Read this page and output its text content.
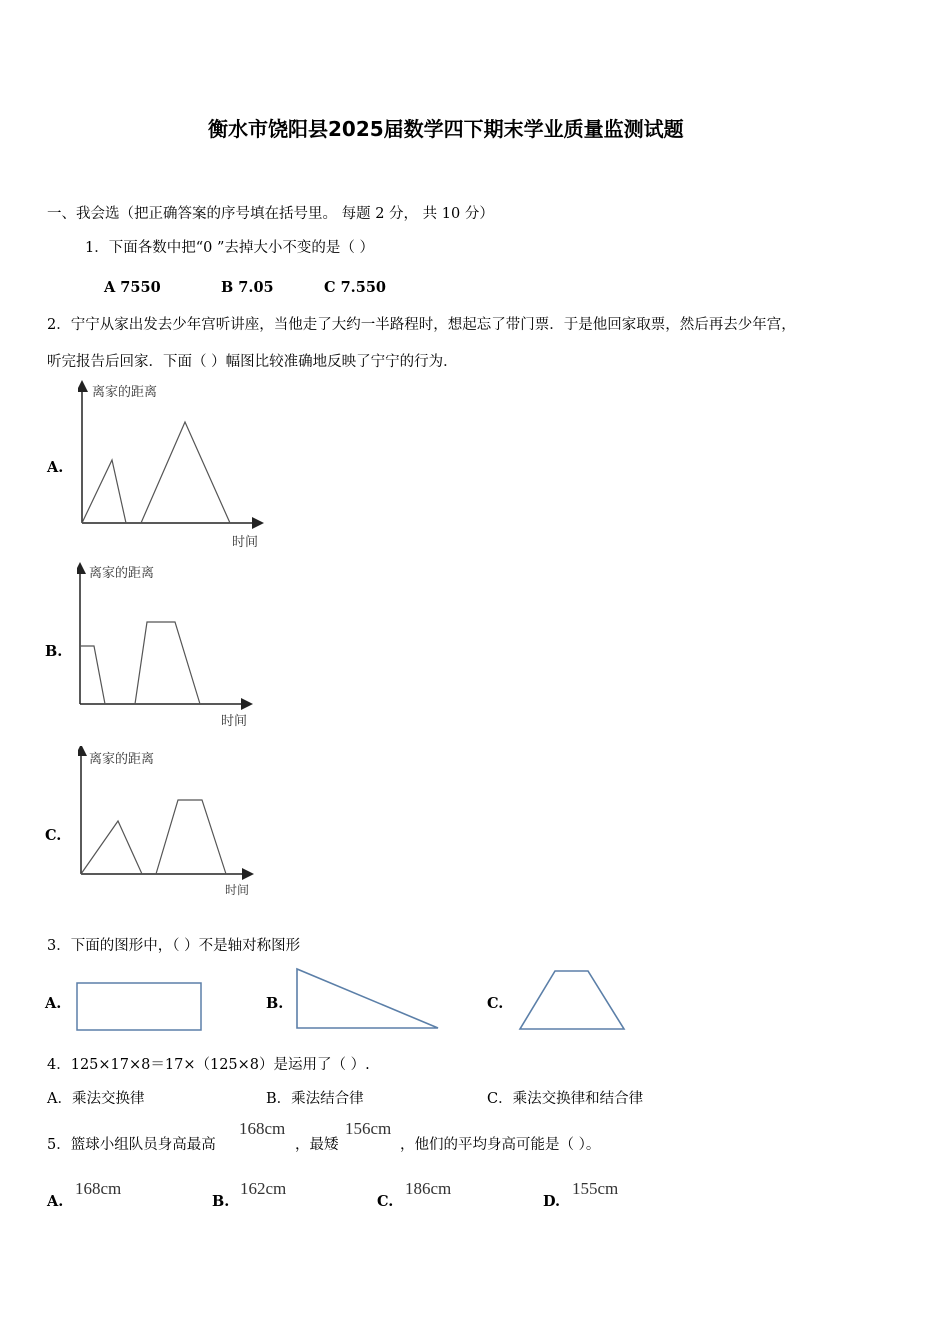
衡水市饶阳县2025届数学四下期末学业质量监测试题
一、我会选（把正确答案的序号填在括号里。 每题 2 分， 共 10 分）
1．下面各数中把“0 ”去掉大小不变的是（ ）
A 7550	B 7.05	C 7.550
2．宁宁从家出发去少年宫听讲座，当他走了大约一半路程时，想起忘了带门票．于是他回家取票，然后再去少年宫，
听完报告后回家．下面（ ）幅图比较准确地反映了宁宁的行为．
A.
离家的距离
时间
B.
离家的距离
时间
C.
离家的距离
时间
3．下面的图形中，（ ）不是轴对称图形
A.	B.	C.
4．125×17×8＝17×（125×8）是运用了（ ）.
A．乘法交换律	B．乘法结合律	C．乘法交换律和结合律
5．篮球小组队员身高最高
168cm
，最矮
156cm
，他们的平均身高可能是（ ）。
A.
168cm
B.
162cm
C.
186cm
D.
155cm
